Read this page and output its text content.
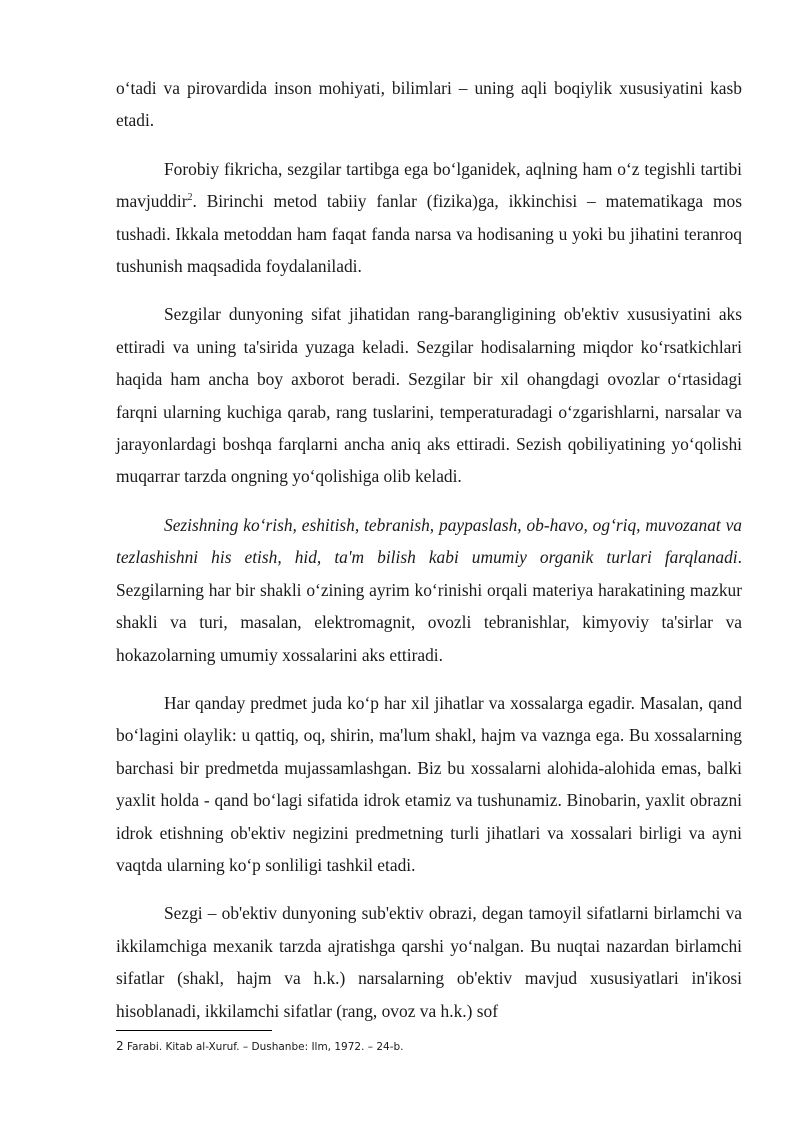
o‘tadi va pirovardida inson mohiyati, bilimlari – uning aqli boqiylik xususiyatini kasb etadi.

Forobiy fikricha, sezgilar tartibga ega bo‘lganidek, aqlning ham o‘z tegishli tartibi mavjuddir$^2$. Birinchi metod tabiiy fanlar (fizika)ga, ikkinchisi – matematikaga mos tushadi. Ikkala metoddan ham faqat fanda narsa va hodisaning u yoki bu jihatini teranroq tushunish maqsadida foydalaniladi.

Sezgilar dunyoning sifat jihatidan rang-barangligining ob'ektiv xususiyatini aks ettiradi va uning ta'sirida yuzaga keladi. Sezgilar hodisalarning miqdor ko‘rsatkichlari haqida ham ancha boy axborot beradi. Sezgilar bir xil ohangdagi ovozlar o‘rtasidagi farqni ularning kuchiga qarab, rang tuslarini, temperaturadagi o‘zgarishlarni, narsalar va jarayonlardagi boshqa farqlarni ancha aniq aks ettiradi. Sezish qobiliyatining yo‘qolishi muqarrar tarzda ongning yo‘qolishiga olib keladi.

Sezishning ko‘rish, eshitish, tebranish, paypaslash, ob-havo, og‘riq, muvozanat va tezlashishni his etish, hid, ta'm bilish kabi umumiy organik turlari farqlanadi. Sezgilarning har bir shakli o‘zining ayrim ko‘rinishi orqali materiya harakatining mazkur shakli va turi, masalan, elektromagnit, ovozli tebranishlar, kimyoviy ta'sirlar va hokazolarning umumiy xossalarini aks ettiradi.

Har qanday predmet juda ko‘p har xil jihatlar va xossalarga egadir. Masalan, qand bo‘lagini olaylik: u qattiq, oq, shirin, ma'lum shakl, hajm va vaznga ega. Bu xossalarning barchasi bir predmetda mujassamlashgan. Biz bu xossalarni alohida-alohida emas, balki yaxlit holda - qand bo‘lagi sifatida idrok etamiz va tushunamiz. Binobarin, yaxlit obrazni idrok etishning ob'ektiv negizini predmetning turli jihatlari va xossalari birligi va ayni vaqtda ularning ko‘p sonliligi tashkil etadi.

Sezgi – ob'ektiv dunyoning sub'ektiv obrazi, degan tamoyil sifatlarni birlamchi va ikkilamchiga mexanik tarzda ajratishga qarshi yo‘nalgan. Bu nuqtai nazardan birlamchi sifatlar (shakl, hajm va h.k.) narsalarning ob'ektiv mavjud xususiyatlari in'ikosi hisoblanadi, ikkilamchi sifatlar (rang, ovoz va h.k.) sof

2 Farabi. Kitab al-Xuruf. – Dushanbe: Ilm, 1972. – 24-b.
